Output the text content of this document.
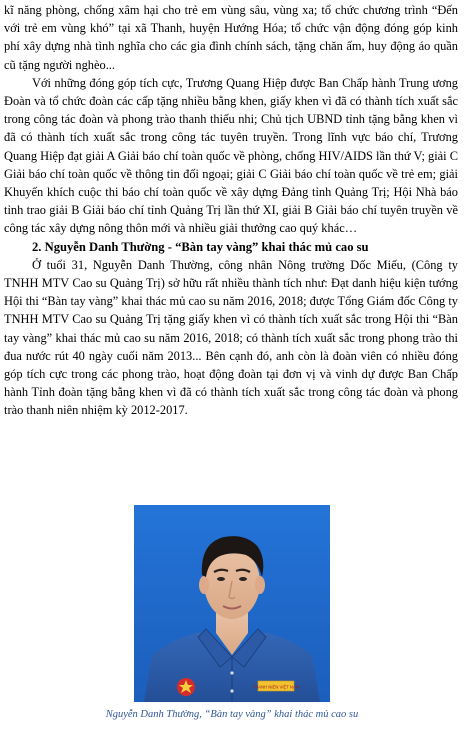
kĩ năng phòng, chống xâm hại cho trẻ em vùng sâu, vùng xa; tổ chức chương trình “Đến với trẻ em vùng khó” tại xã Thanh, huyện Hướng Hóa; tổ chức vận động đóng góp kinh phí xây dựng nhà tình nghĩa cho các gia đình chính sách, tặng chăn ấm, huy động áo quần cũ tặng người nghèo...

Với những đóng góp tích cực, Trương Quang Hiệp được Ban Chấp hành Trung ương Đoàn và tổ chức đoàn các cấp tặng nhiều bằng khen, giấy khen vì đã có thành tích xuất sắc trong công tác đoàn và phong trào thanh thiếu nhi; Chủ tịch UBND tỉnh tặng bằng khen vì đã có thành tích xuất sắc trong công tác tuyên truyền. Trong lĩnh vực báo chí, Trương Quang Hiệp đạt giải A Giải báo chí toàn quốc về phòng, chống HIV/AIDS lần thứ V; giải C Giải báo chí toàn quốc về thông tin đối ngoại; giải C Giải báo chí toàn quốc về trẻ em; giải Khuyến khích cuộc thi báo chí toàn quốc về xây dựng Đảng tỉnh Quảng Trị; Hội Nhà báo tỉnh trao giải B Giải báo chí tỉnh Quảng Trị lần thứ XI, giải B Giải báo chí tuyên truyền về công tác xây dựng nông thôn mới và nhiều giải thưởng cao quý khác…

2. Nguyễn Danh Thường - “Bàn tay vàng” khai thác mủ cao su

Ở tuổi 31, Nguyễn Danh Thường, công nhân Nông trường Dốc Miếu, (Công ty TNHH MTV Cao su Quảng Trị) sở hữu rất nhiều thành tích như: Đạt danh hiệu kiện tướng Hội thi “Bàn tay vàng” khai thác mủ cao su năm 2016, 2018; được Tổng Giám đốc Công ty TNHH MTV Cao su Quảng Trị tặng giấy khen vì có thành tích xuất sắc trong Hội thi “Bàn tay vàng” khai thác mủ cao su năm 2016, 2018; có thành tích xuất sắc trong phong trào thi đua nước rút 40 ngày cuối năm 2013... Bên cạnh đó, anh còn là đoàn viên có nhiều đóng góp tích cực trong các phong trào, hoạt động đoàn tại đơn vị và vinh dự được Ban Chấp hành Tỉnh đoàn tặng bằng khen vì đã có thành tích xuất sắc trong công tác đoàn và phong trào thanh niên nhiệm kỳ 2012-2017.

THANH NIÊN VIỆT NAM
Nguyễn Danh Thường, “Bàn tay vàng” khai thác mủ cao su
